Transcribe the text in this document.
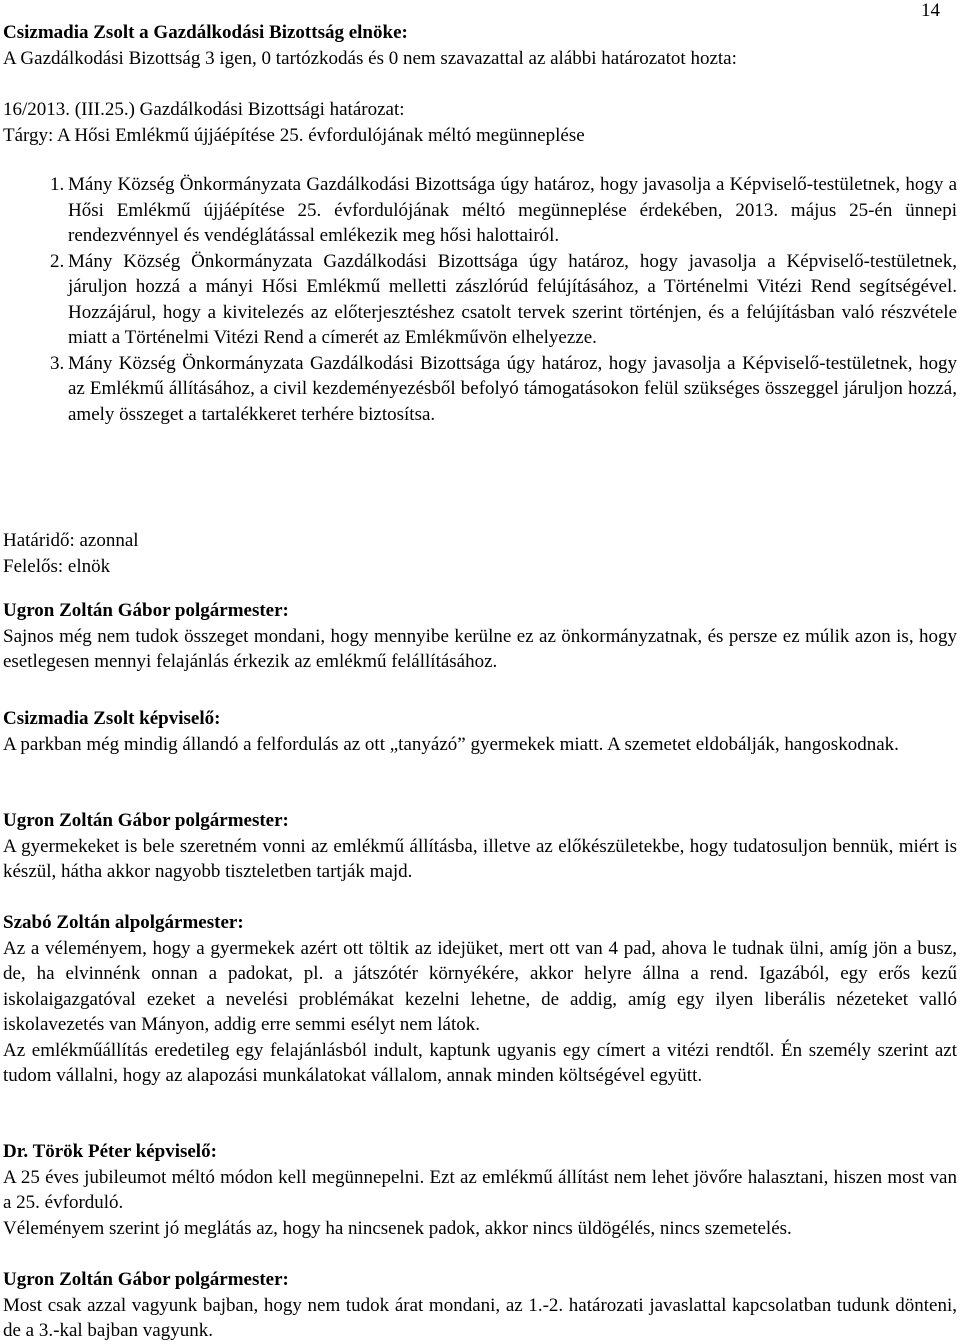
14

Csizmadia Zsolt a Gazdálkodási Bizottság elnöke:

A Gazdálkodási Bizottság 3 igen, 0 tartózkodás és 0 nem szavazattal az alábbi határozatot hozta:

16/2013. (III.25.) Gazdálkodási Bizottsági határozat:

Tárgy: A Hősi Emlékmű újjáépítése 25. évfordulójának méltó megünneplése

1. Mány Község Önkormányzata Gazdálkodási Bizottsága úgy határoz, hogy javasolja a Képviselő-testületnek, hogy a Hősi Emlékmű újjáépítése 25. évfordulójának méltó megünneplése érdekében, 2013. május 25-én ünnepi rendezvénnyel és vendéglátással emlékezik meg hősi halottairól.
2. Mány Község Önkormányzata Gazdálkodási Bizottsága úgy határoz, hogy javasolja a Képviselő-testületnek, járuljon hozzá a mányi Hősi Emlékmű melletti zászlórúd felújításához, a Történelmi Vitézi Rend segítségével. Hozzájárul, hogy a kivitelezés az előterjesztéshez csatolt tervek szerint történjen, és a felújításban való részvétele miatt a Történelmi Vitézi Rend a címerét az Emlékművön elhelyezze.
3. Mány Község Önkormányzata Gazdálkodási Bizottsága úgy határoz, hogy javasolja a Képviselő-testületnek, hogy az Emlékmű állításához, a civil kezdeményezésből befolyó támogatásokon felül szükséges összeggel járuljon hozzá, amely összeget a tartalékkeret terhére biztosítsa.

Határidő: azonnal

Felelős: elnök

Ugron Zoltán Gábor polgármester:

Sajnos még nem tudok összeget mondani, hogy mennyibe kerülne ez az önkormányzatnak, és persze ez múlik azon is, hogy esetlegesen mennyi felajánlás érkezik az emlékmű felállításához.

Csizmadia Zsolt képviselő:

A parkban még mindig állandó a felfordulás az ott „tanyázó” gyermekek miatt. A szemetet eldobálják, hangoskodnak.

Ugron Zoltán Gábor polgármester:

A gyermekeket is bele szeretném vonni az emlékmű állításba, illetve az előkészületekbe, hogy tudatosuljon bennük, miért is készül, hátha akkor nagyobb tiszteletben tartják majd.

Szabó Zoltán alpolgármester:

Az a véleményem, hogy a gyermekek azért ott töltik az idejüket, mert ott van 4 pad, ahova le tudnak ülni, amíg jön a busz, de, ha elvinnénk onnan a padokat, pl. a játszótér környékére, akkor helyre állna a rend. Igazából, egy erős kezű iskolaigazgatóval ezeket a nevelési problémákat kezelni lehetne, de addig, amíg egy ilyen liberális nézeteket valló iskolavezetés van Mányon, addig erre semmi esélyt nem látok.

Az emlékműállítás eredetileg egy felajánlásból indult, kaptunk ugyanis egy címert a vitézi rendtől. Én személy szerint azt tudom vállalni, hogy az alapozási munkálatokat vállalom, annak minden költségével együtt.

Dr. Török Péter képviselő:

A 25 éves jubileumot méltó módon kell megünnepelni. Ezt az emlékmű állítást nem lehet jövőre halasztani, hiszen most van a 25. évforduló.

Véleményem szerint jó meglátás az, hogy ha nincsenek padok, akkor nincs üldögélés, nincs szemetelés.

Ugron Zoltán Gábor polgármester:

Most csak azzal vagyunk bajban, hogy nem tudok árat mondani, az 1.-2. határozati javaslattal kapcsolatban tudunk dönteni, de a 3.-kal bajban vagyunk.
